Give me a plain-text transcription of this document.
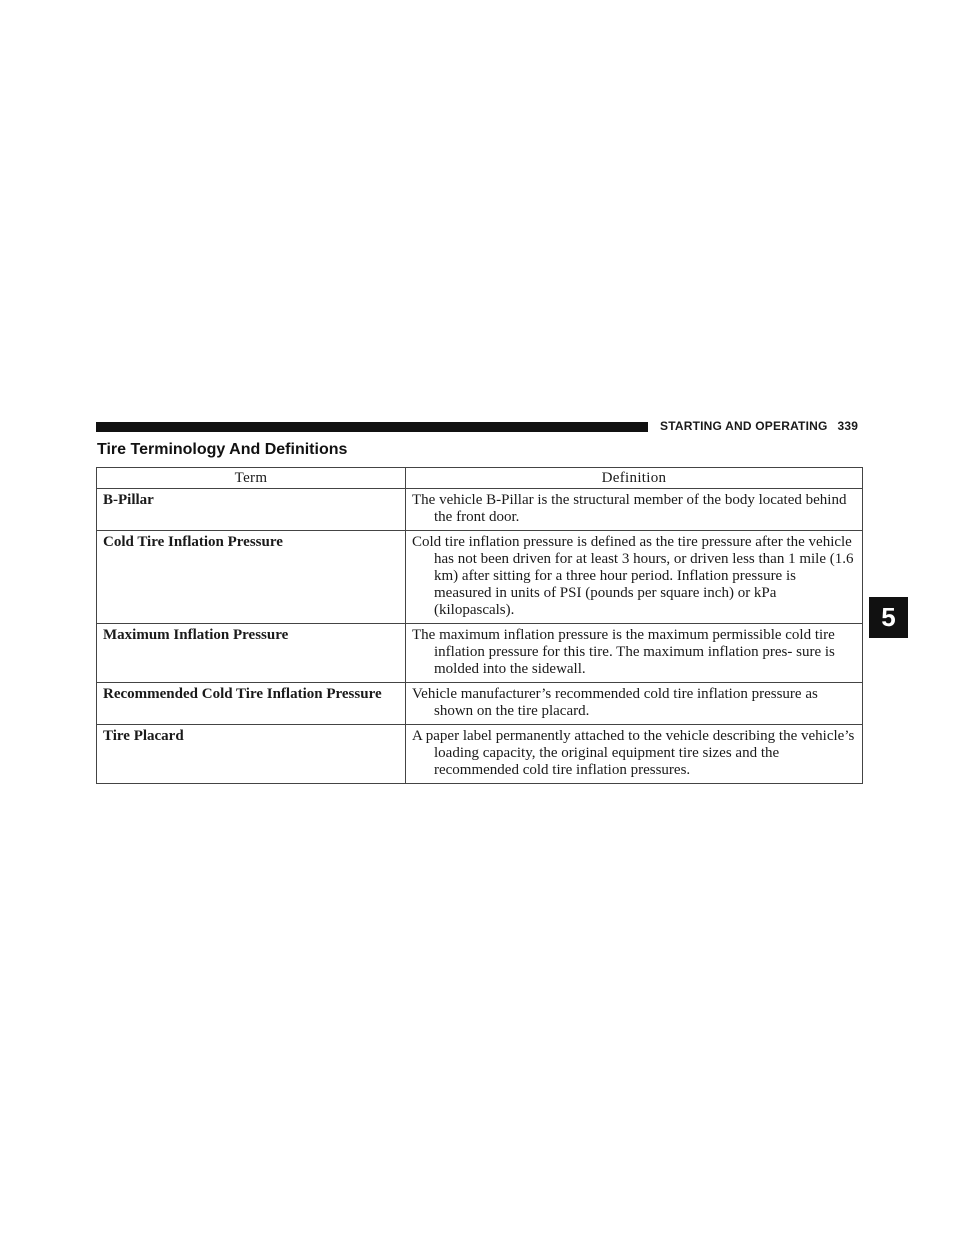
STARTING AND OPERATING 339
Tire Terminology And Definitions
5
Term	Definition
B-Pillar	The vehicle B-Pillar is the structural member of the body located behind the front door.

Cold Tire Inflation Pressure	Cold tire inflation pressure is defined as the tire pressure after the vehicle has not been driven for at least 3 hours, or driven less than 1 mile (1.6 km) after sitting for a three hour period. Inflation pressure is measured in units of PSI (pounds per square inch) or kPa (kilopascals).

Maximum Inflation Pressure	The maximum inflation pressure is the maximum permissible cold tire inflation pressure for this tire. The maximum inflation pres- sure is molded into the sidewall.

Recommended Cold Tire Inflation Pressure	Vehicle manufacturer’s recommended cold tire inflation pressure as shown on the tire placard.

Tire Placard	A paper label permanently attached to the vehicle describing the vehicle’s loading capacity, the original equipment tire sizes and the recommended cold tire inflation pressures.
